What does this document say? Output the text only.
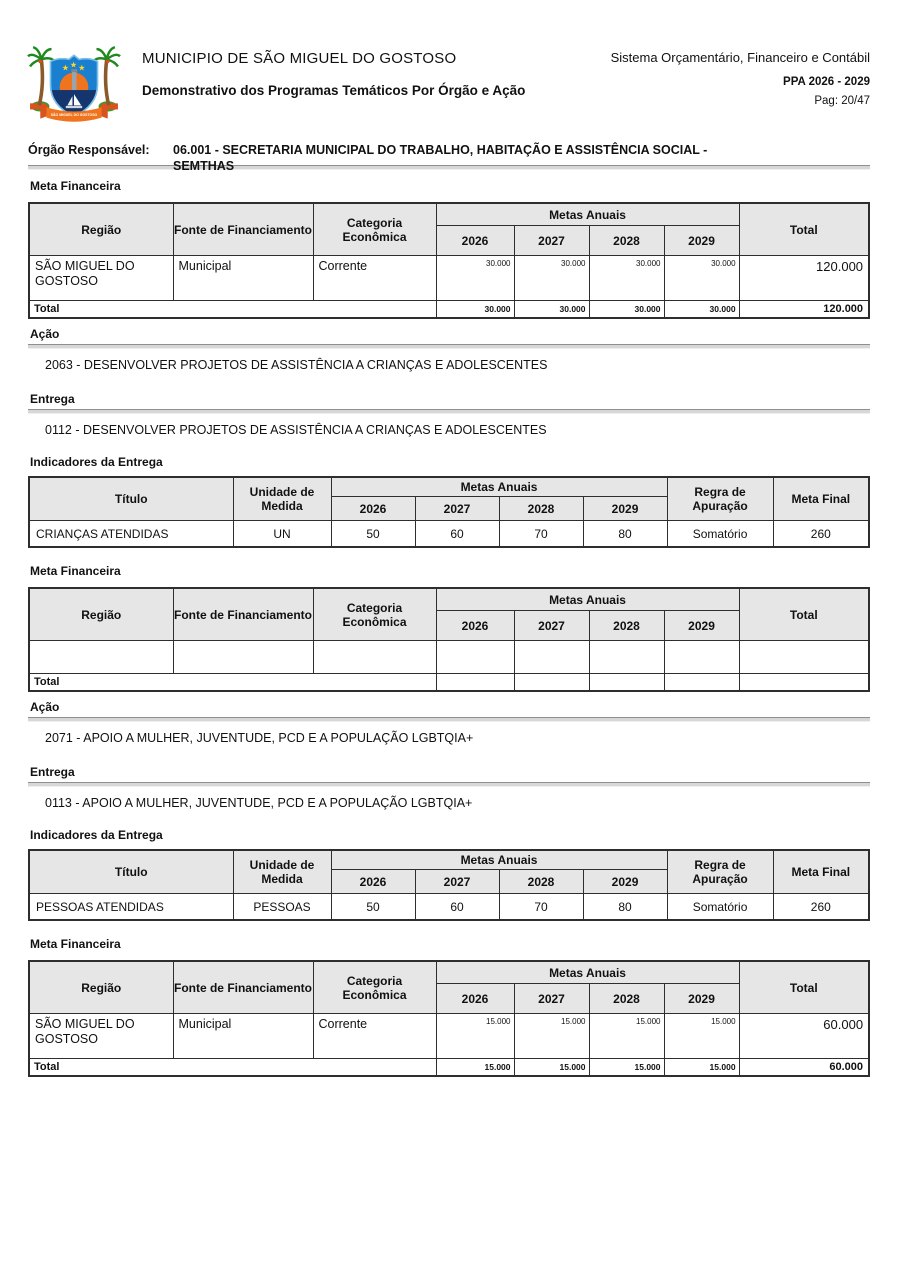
★ ★ ★
SÃO MIGUEL DO GOSTOSO
MUNICIPIO DE SÃO MIGUEL DO GOSTOSO
Demonstrativo dos Programas Temáticos Por Órgão e Ação
Sistema Orçamentário, Financeiro e Contábil
PPA 2026 - 2029
Pag: 20/47
Órgão Responsável:	06.001 - SECRETARIA MUNICIPAL DO TRABALHO, HABITAÇÃO E ASSISTÊNCIA SOCIAL -
SEMTHAS
Meta Financeira
Região	Fonte de Financiamento	Categoria Econômica	Metas Anuais				Total
			2026	2027	2028	2029	
SÃO MIGUEL DO GOSTOSO	Municipal	Corrente	30.000	30.000	30.000	30.000	120.000
Total			30.000	30.000	30.000	30.000	120.000
Ação
2063 - DESENVOLVER PROJETOS DE ASSISTÊNCIA A CRIANÇAS E ADOLESCENTES
Entrega
0112 - DESENVOLVER PROJETOS DE ASSISTÊNCIA A CRIANÇAS E ADOLESCENTES
Indicadores da Entrega
Título	Unidade de Medida	Metas Anuais				Regra de Apuração	Meta Final
		2026	2027	2028	2029		
CRIANÇAS ATENDIDAS	UN	50	60	70	80	Somatório	260
Meta Financeira
Região	Fonte de Financiamento	Categoria Econômica	Metas Anuais				Total
			2026	2027	2028	2029	

Total							
Ação
2071 - APOIO A MULHER, JUVENTUDE, PCD E A POPULAÇÃO LGBTQIA+
Entrega
0113 - APOIO A MULHER, JUVENTUDE, PCD E A POPULAÇÃO LGBTQIA+
Indicadores da Entrega
Título	Unidade de Medida	Metas Anuais				Regra de Apuração	Meta Final
		2026	2027	2028	2029		
PESSOAS ATENDIDAS	PESSOAS	50	60	70	80	Somatório	260
Meta Financeira
Região	Fonte de Financiamento	Categoria Econômica	Metas Anuais				Total
			2026	2027	2028	2029	
SÃO MIGUEL DO GOSTOSO	Municipal	Corrente	15.000	15.000	15.000	15.000	60.000
Total			15.000	15.000	15.000	15.000	60.000
